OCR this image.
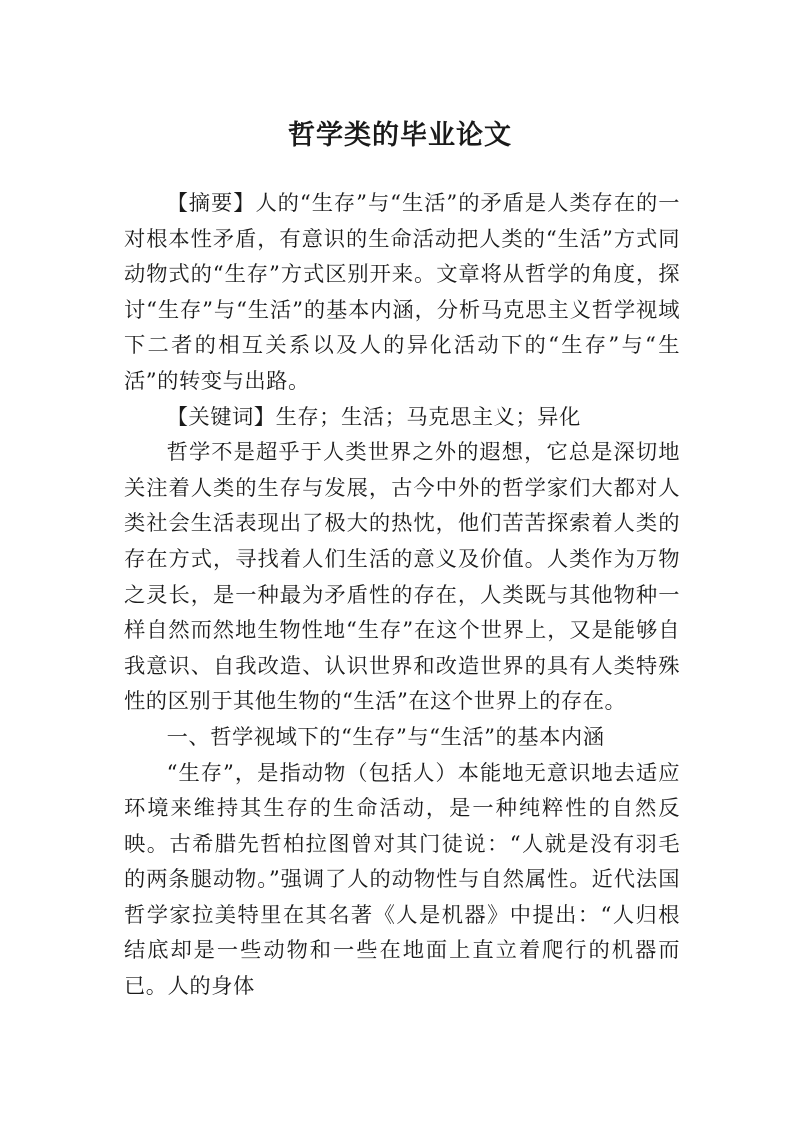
哲学类的毕业论文

【摘要】人的“生存”与“生活”的矛盾是人类存在的一对根本性矛盾，有意识的生命活动把人类的“生活”方式同动物式的“生存”方式区别开来。文章将从哲学的角度，探讨“生存”与“生活”的基本内涵，分析马克思主义哲学视域下二者的相互关系以及人的异化活动下的“生存”与“生活”的转变与出路。

【关键词】生存；生活；马克思主义；异化

哲学不是超乎于人类世界之外的遐想，它总是深切地关注着人类的生存与发展，古今中外的哲学家们大都对人类社会生活表现出了极大的热忱，他们苦苦探索着人类的存在方式，寻找着人们生活的意义及价值。人类作为万物之灵长，是一种最为矛盾性的存在，人类既与其他物种一样自然而然地生物性地“生存”在这个世界上，又是能够自我意识、自我改造、认识世界和改造世界的具有人类特殊性的区别于其他生物的“生活”在这个世界上的存在。

一、哲学视域下的“生存”与“生活”的基本内涵

“生存”，是指动物（包括人）本能地无意识地去适应环境来维持其生存的生命活动，是一种纯粹性的自然反映。古希腊先哲柏拉图曾对其门徒说：“人就是没有羽毛的两条腿动物。”强调了人的动物性与自然属性。近代法国哲学家拉美特里在其名著《人是机器》中提出：“人归根结底却是一些动物和一些在地面上直立着爬行的机器而已。人的身体
